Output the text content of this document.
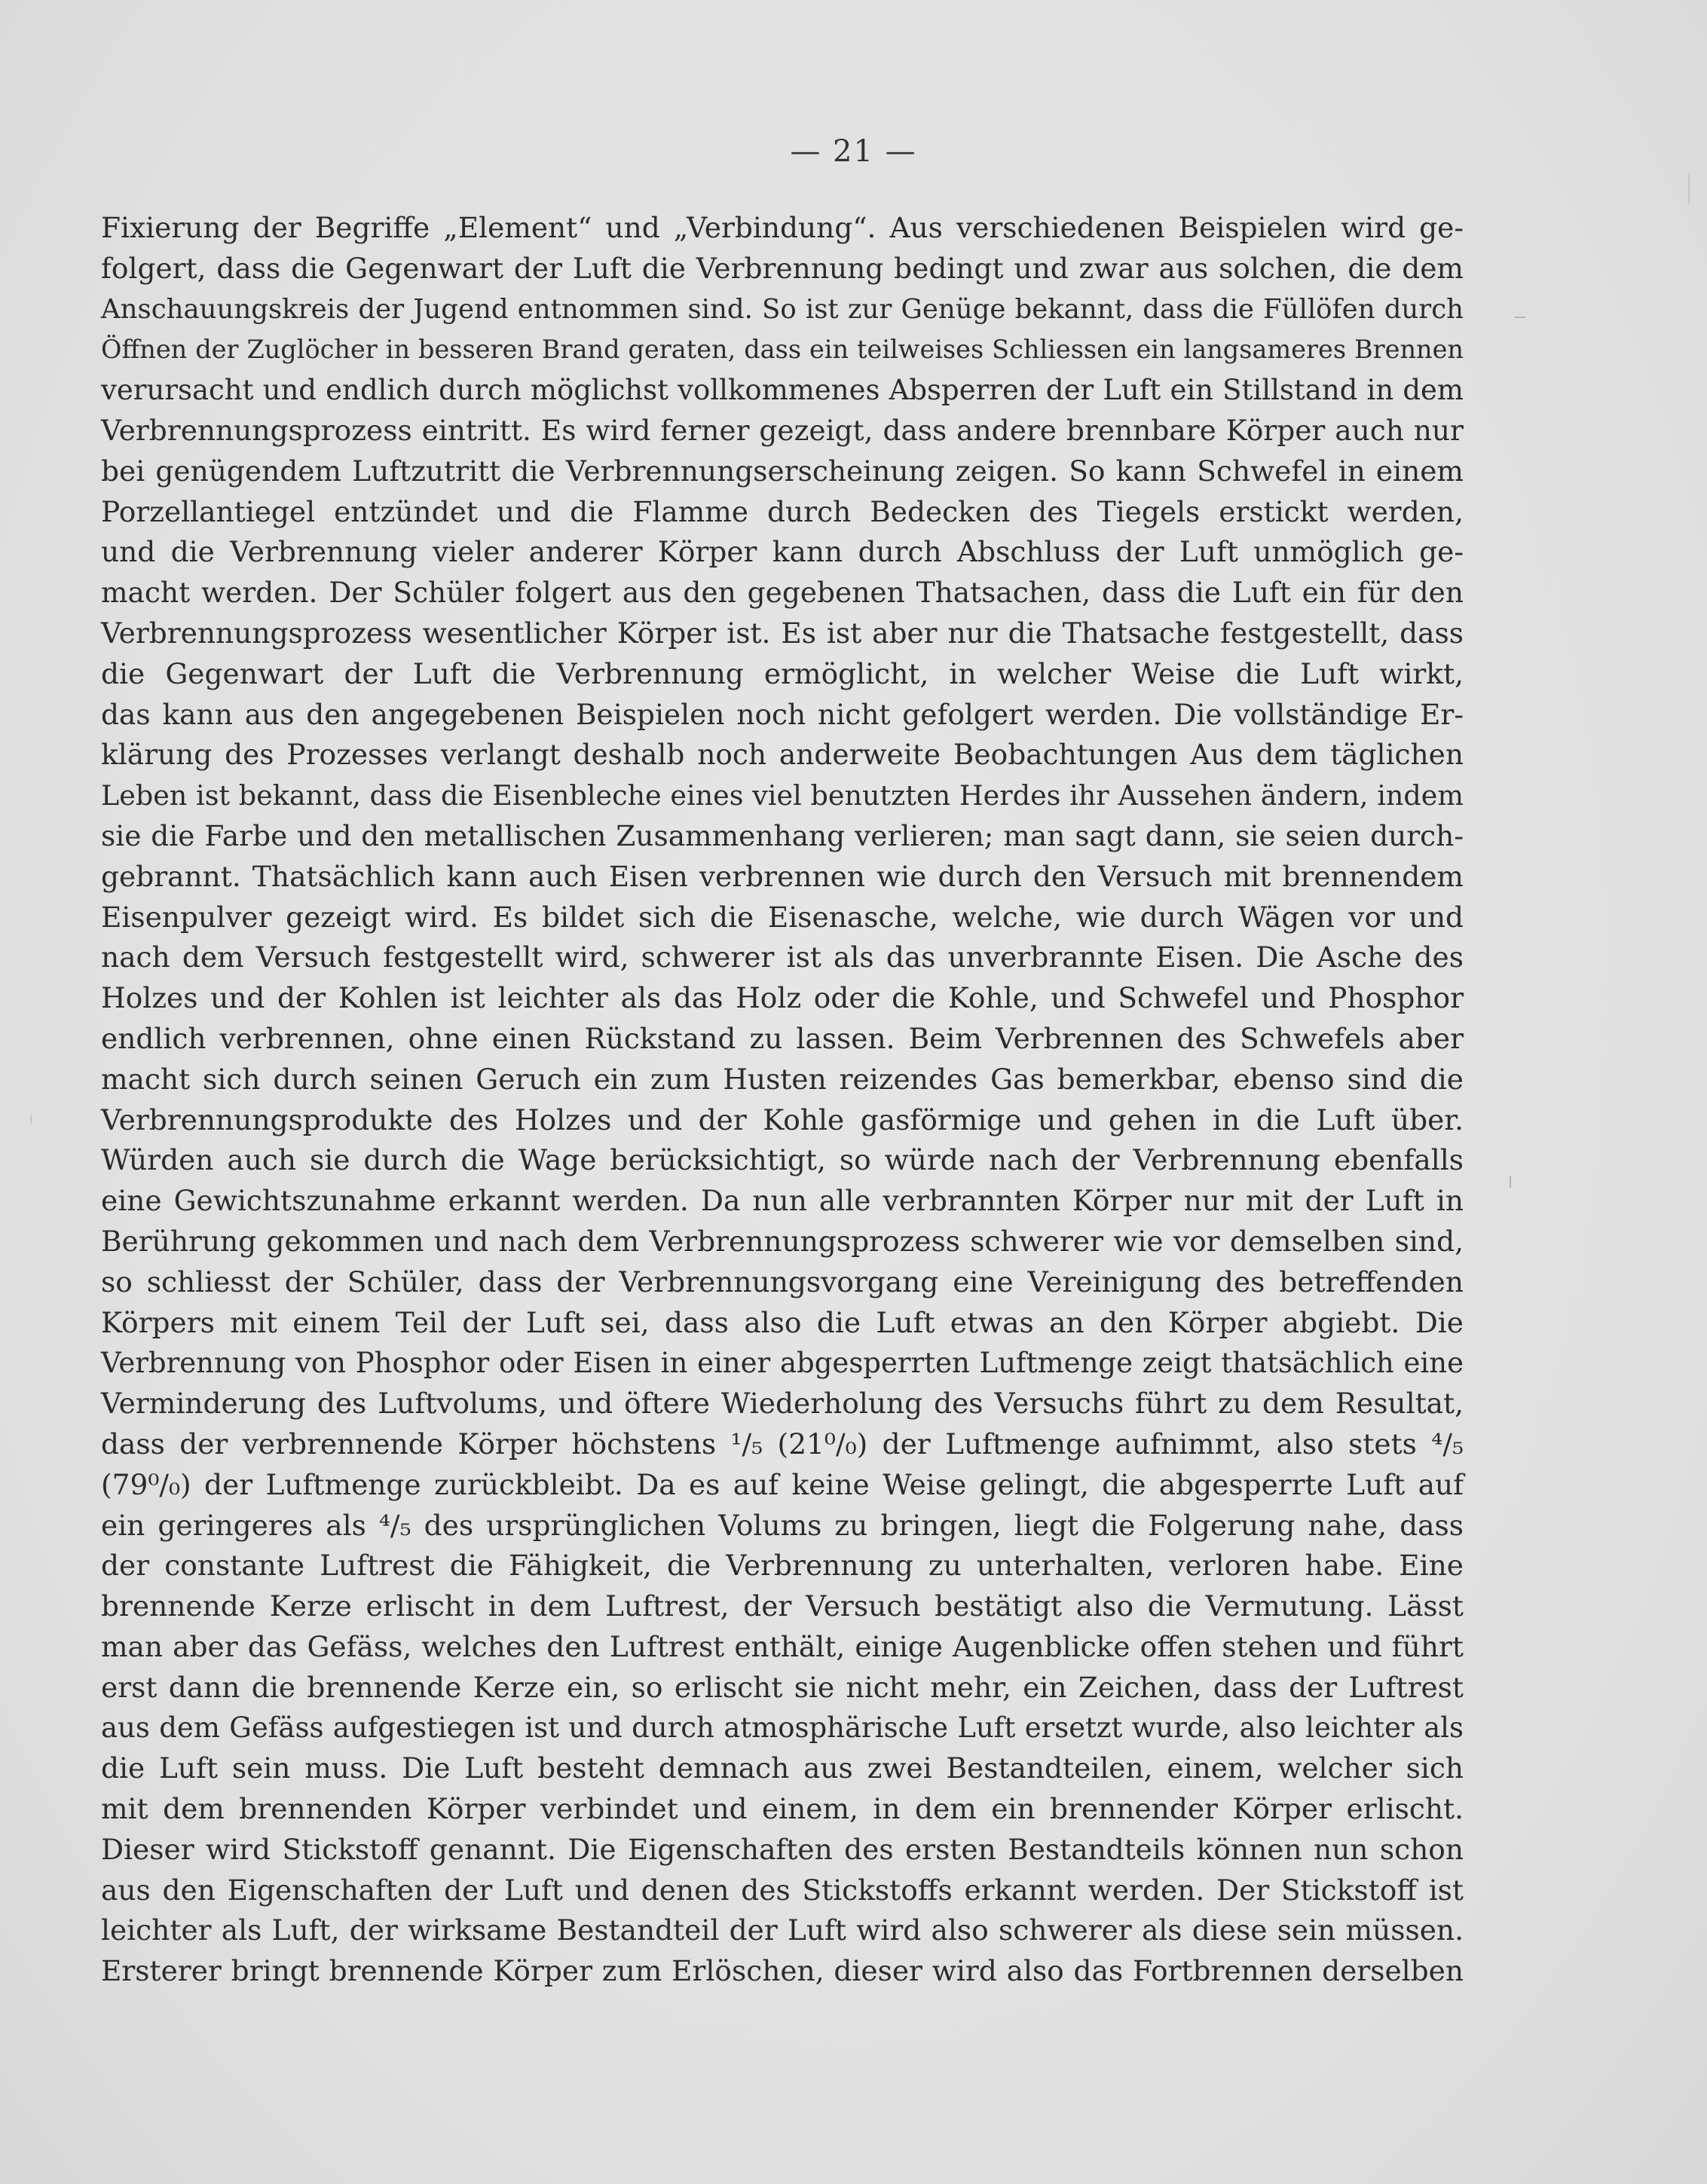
— 21 —
Fixierung der Begriffe „Element“ und „Verbindung“. Aus verschiedenen Beispielen wird ge-
folgert, dass die Gegenwart der Luft die Verbrennung bedingt und zwar aus solchen, die dem
Anschauungskreis der Jugend entnommen sind. So ist zur Genüge bekannt, dass die Füllöfen durch
Öffnen der Zuglöcher in besseren Brand geraten, dass ein teilweises Schliessen ein langsameres Brennen
verursacht und endlich durch möglichst vollkommenes Absperren der Luft ein Stillstand in dem
Verbrennungsprozess eintritt. Es wird ferner gezeigt, dass andere brennbare Körper auch nur
bei genügendem Luftzutritt die Verbrennungserscheinung zeigen. So kann Schwefel in einem
Porzellantiegel entzündet und die Flamme durch Bedecken des Tiegels erstickt werden,
und die Verbrennung vieler anderer Körper kann durch Abschluss der Luft unmöglich ge-
macht werden. Der Schüler folgert aus den gegebenen Thatsachen, dass die Luft ein für den
Verbrennungsprozess wesentlicher Körper ist. Es ist aber nur die Thatsache festgestellt, dass
die Gegenwart der Luft die Verbrennung ermöglicht, in welcher Weise die Luft wirkt,
das kann aus den angegebenen Beispielen noch nicht gefolgert werden. Die vollständige Er-
klärung des Prozesses verlangt deshalb noch anderweite Beobachtungen Aus dem täglichen
Leben ist bekannt, dass die Eisenbleche eines viel benutzten Herdes ihr Aussehen ändern, indem
sie die Farbe und den metallischen Zusammenhang verlieren; man sagt dann, sie seien durch-
gebrannt. Thatsächlich kann auch Eisen verbrennen wie durch den Versuch mit brennendem
Eisenpulver gezeigt wird. Es bildet sich die Eisenasche, welche, wie durch Wägen vor und
nach dem Versuch festgestellt wird, schwerer ist als das unverbrannte Eisen. Die Asche des
Holzes und der Kohlen ist leichter als das Holz oder die Kohle, und Schwefel und Phosphor
endlich verbrennen, ohne einen Rückstand zu lassen. Beim Verbrennen des Schwefels aber
macht sich durch seinen Geruch ein zum Husten reizendes Gas bemerkbar, ebenso sind die
Verbrennungsprodukte des Holzes und der Kohle gasförmige und gehen in die Luft über.
Würden auch sie durch die Wage berücksichtigt, so würde nach der Verbrennung ebenfalls
eine Gewichtszunahme erkannt werden. Da nun alle verbrannten Körper nur mit der Luft in
Berührung gekommen und nach dem Verbrennungsprozess schwerer wie vor demselben sind,
so schliesst der Schüler, dass der Verbrennungsvorgang eine Vereinigung des betreffenden
Körpers mit einem Teil der Luft sei, dass also die Luft etwas an den Körper abgiebt. Die
Verbrennung von Phosphor oder Eisen in einer abgesperrten Luftmenge zeigt thatsächlich eine
Verminderung des Luftvolums, und öftere Wiederholung des Versuchs führt zu dem Resultat,
dass der verbrennende Körper höchstens ¹/₅ (21⁰/₀) der Luftmenge aufnimmt, also stets ⁴/₅
(79⁰/₀) der Luftmenge zurückbleibt. Da es auf keine Weise gelingt, die abgesperrte Luft auf
ein geringeres als ⁴/₅ des ursprünglichen Volums zu bringen, liegt die Folgerung nahe, dass
der constante Luftrest die Fähigkeit, die Verbrennung zu unterhalten, verloren habe. Eine
brennende Kerze erlischt in dem Luftrest, der Versuch bestätigt also die Vermutung. Lässt
man aber das Gefäss, welches den Luftrest enthält, einige Augenblicke offen stehen und führt
erst dann die brennende Kerze ein, so erlischt sie nicht mehr, ein Zeichen, dass der Luftrest
aus dem Gefäss aufgestiegen ist und durch atmosphärische Luft ersetzt wurde, also leichter als
die Luft sein muss. Die Luft besteht demnach aus zwei Bestandteilen, einem, welcher sich
mit dem brennenden Körper verbindet und einem, in dem ein brennender Körper erlischt.
Dieser wird Stickstoff genannt. Die Eigenschaften des ersten Bestandteils können nun schon
aus den Eigenschaften der Luft und denen des Stickstoffs erkannt werden. Der Stickstoff ist
leichter als Luft, der wirksame Bestandteil der Luft wird also schwerer als diese sein müssen.
Ersterer bringt brennende Körper zum Erlöschen, dieser wird also das Fortbrennen derselben
